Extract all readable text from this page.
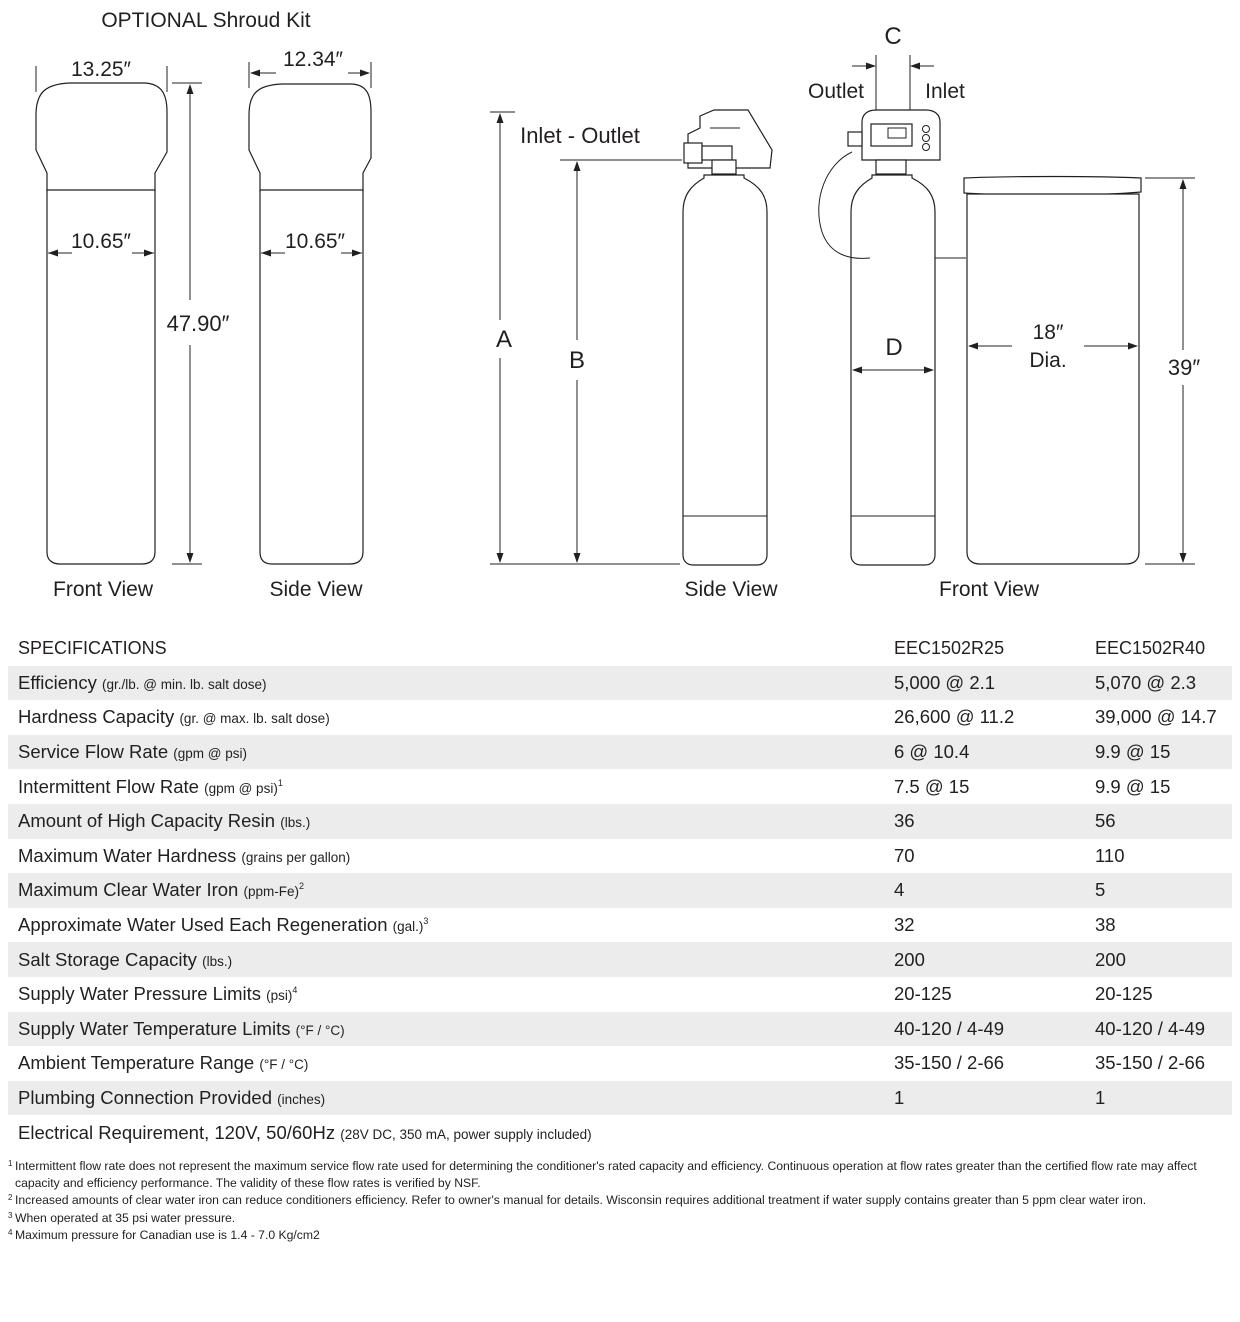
OPTIONAL Shroud Kit
13.25″	12.34″
10.65″	10.65″
47.90″
Front View	Side View
A
B
Inlet - Outlet
Side View
C
Outlet	Inlet
D
18″
Dia.	39″
Front View
SPECIFICATIONS	EEC1502R25	EEC1502R40
Efficiency (gr./lb. @ min. lb. salt dose)	5,000 @ 2.1	5,070 @ 2.3
Hardness Capacity (gr. @ max. lb. salt dose)	26,600 @ 11.2	39,000 @ 14.7
Service Flow Rate (gpm @ psi)	6 @ 10.4	9.9 @ 15
Intermittent Flow Rate (gpm @ psi)$^1$	7.5 @ 15	9.9 @ 15
Amount of High Capacity Resin (lbs.)	36	56
Maximum Water Hardness (grains per gallon)	70	110
Maximum Clear Water Iron $(ppm-Fe)^2$	4	5
Approximate Water Used Each Regeneration $(gal.)^3$	32	38
Salt Storage Capacity (lbs.)	200	200
Supply Water Pressure Limits (psi)$^4$	20-125	20-125
Supply Water Temperature Limits (°F / °C)	40-120 / 4-49	40-120 / 4-49
Ambient Temperature Range (°F / °C)	35-150 / 2-66	35-150 / 2-66
Plumbing Connection Provided (inches)	1	1
Electrical Requirement, 120V, 50/60Hz (28V DC, 350 mA, power supply included)		
1 Intermittent flow rate does not represent the maximum service flow rate used for determining the conditioner's rated capacity and efficiency. Continuous operation at flow rates greater than the certified flow rate may affect capacity and efficiency performance. The validity of these flow rates is verified by NSF.
2 Increased amounts of clear water iron can reduce conditioners efficiency. Refer to owner's manual for details. Wisconsin requires additional treatment if water supply contains greater than 5 ppm clear water iron.
3 When operated at 35 psi water pressure.
4 Maximum pressure for Canadian use is 1.4 - 7.0 Kg/cm2
